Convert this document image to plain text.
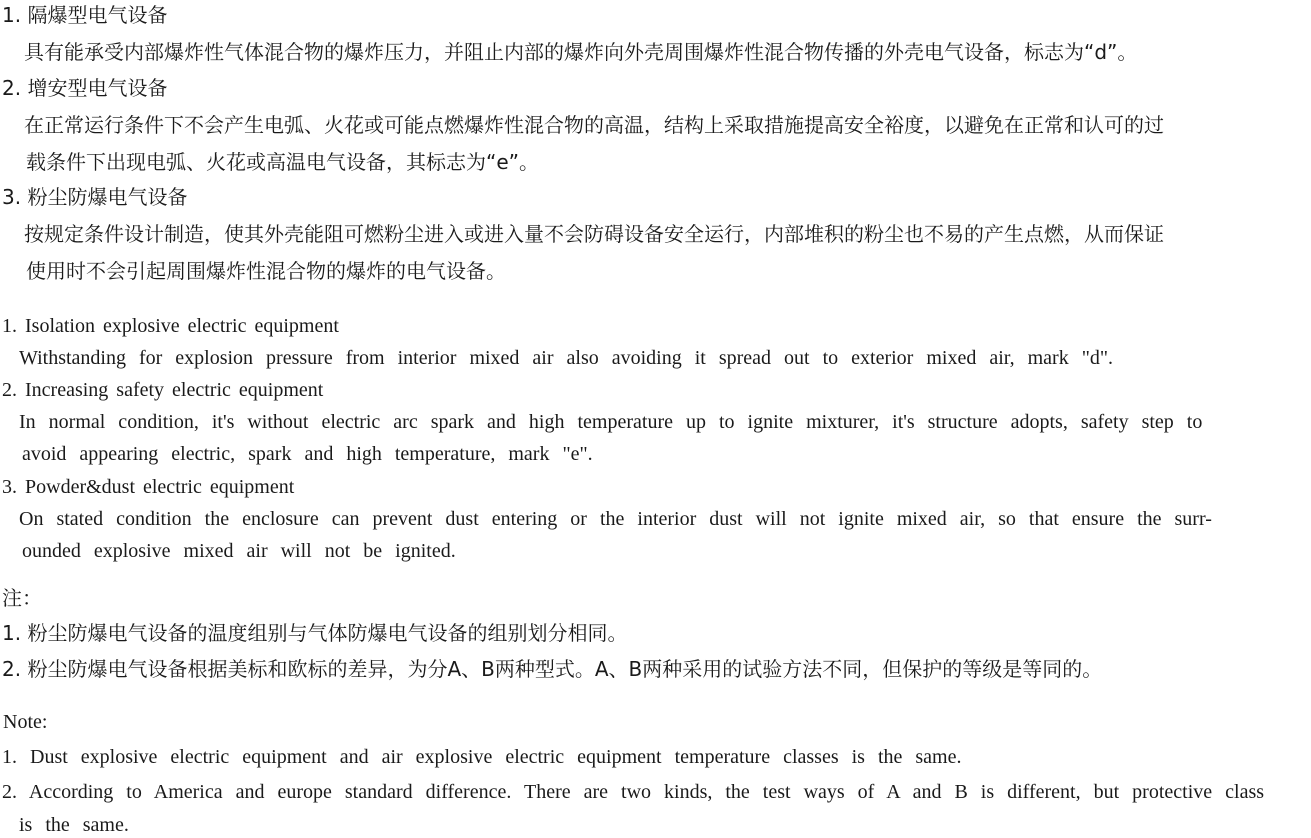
1. 隔爆型电气设备
具有能承受内部爆炸性气体混合物的爆炸压力，并阻止内部的爆炸向外壳周围爆炸性混合物传播的外壳电气设备，标志为“d”。
2. 增安型电气设备
在正常运行条件下不会产生电弧、火花或可能点燃爆炸性混合物的高温，结构上采取措施提高安全裕度，以避免在正常和认可的过
载条件下出现电弧、火花或高温电气设备，其标志为“e”。
3. 粉尘防爆电气设备
按规定条件设计制造，使其外壳能阻可燃粉尘进入或进入量不会防碍设备安全运行，内部堆积的粉尘也不易的产生点燃，从而保证
使用时不会引起周围爆炸性混合物的爆炸的电气设备。
1. Isolation explosive electric equipment
Withstanding for explosion pressure from interior mixed air also avoiding it spread out to exterior mixed air, mark "d".
2. Increasing safety electric equipment
In normal condition, it's without electric arc spark and high temperature up to ignite mixturer, it's structure adopts, safety step to
avoid appearing electric, spark and high temperature, mark "e".
3. Powder&dust electric equipment
On stated condition the enclosure can prevent dust entering or the interior dust will not ignite mixed air, so that ensure the surr-
ounded explosive mixed air will not be ignited.
注：
1. 粉尘防爆电气设备的温度组别与气体防爆电气设备的组别划分相同。
2. 粉尘防爆电气设备根据美标和欧标的差异，为分A、B两种型式。A、B两种采用的试验方法不同，但保护的等级是等同的。
Note:
1. Dust explosive electric equipment and air explosive electric equipment temperature classes is the same.
2. According to America and europe standard difference. There are two kinds, the test ways of A and B is different, but protective class
is the same.
